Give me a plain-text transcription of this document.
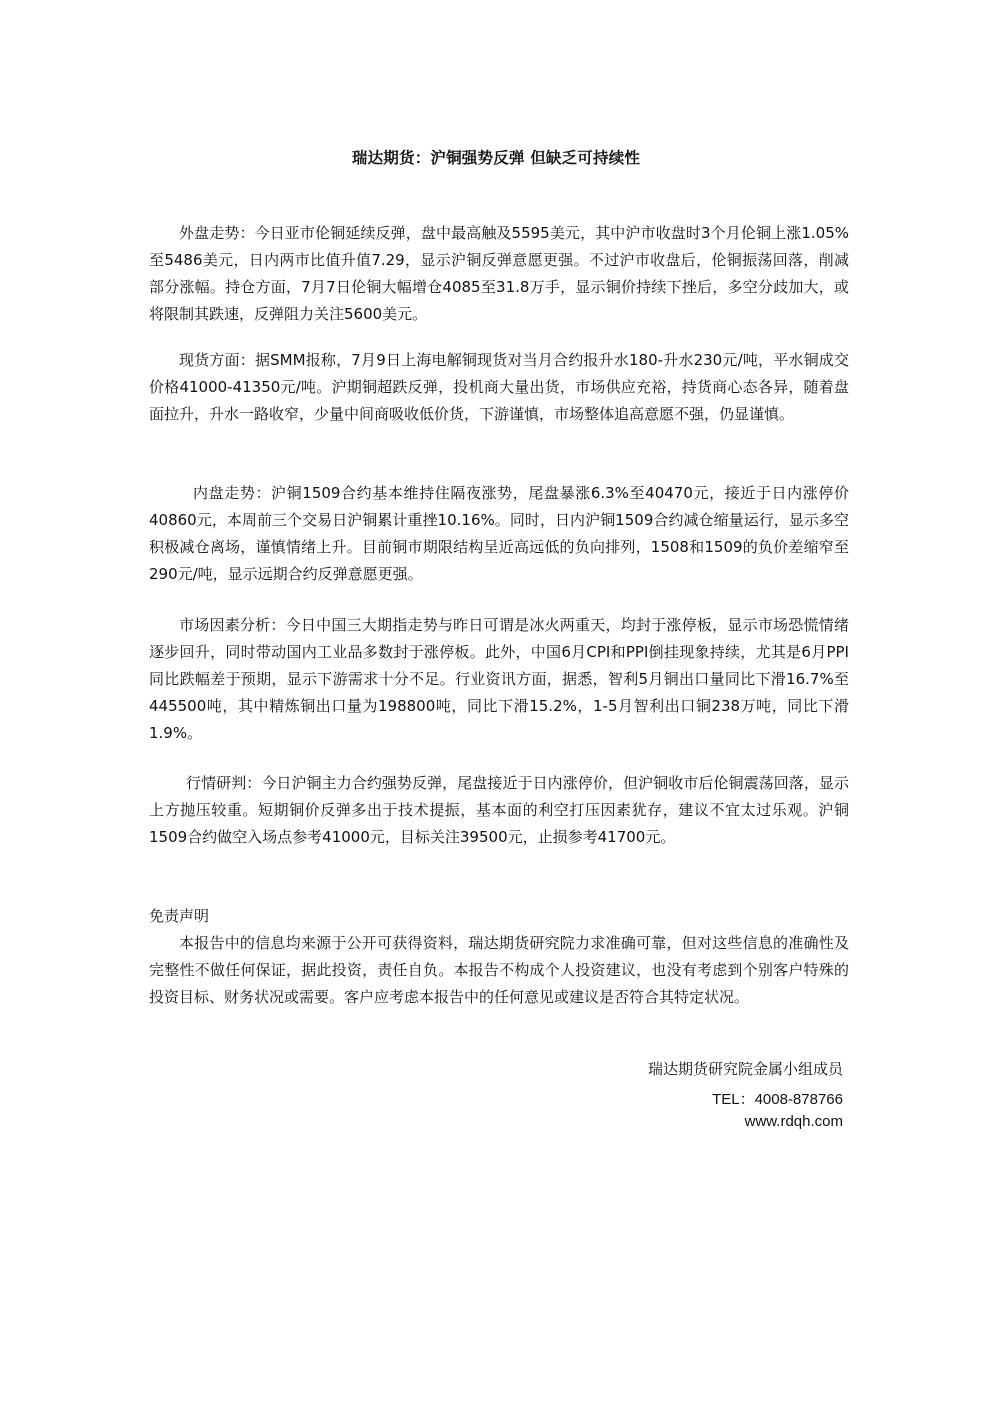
瑞达期货：沪铜强势反弹 但缺乏可持续性

外盘走势：今日亚市伦铜延续反弹，盘中最高触及5595美元，其中沪市收盘时3个月伦铜上涨1.05%至5486美元，日内两市比值升值7.29，显示沪铜反弹意愿更强。不过沪市收盘后，伦铜振荡回落，削减部分涨幅。持仓方面，7月7日伦铜大幅增仓4085至31.8万手，显示铜价持续下挫后，多空分歧加大，或将限制其跌速，反弹阻力关注5600美元。

现货方面：据SMM报称，7月9日上海电解铜现货对当月合约报升水180-升水230元/吨，平水铜成交价格41000-41350元/吨。沪期铜超跌反弹，投机商大量出货，市场供应充裕，持货商心态各异，随着盘面拉升，升水一路收窄，少量中间商吸收低价货，下游谨慎，市场整体追高意愿不强，仍显谨慎。

内盘走势：沪铜1509合约基本维持住隔夜涨势，尾盘暴涨6.3%至40470元，接近于日内涨停价40860元，本周前三个交易日沪铜累计重挫10.16%。同时，日内沪铜1509合约减仓缩量运行，显示多空积极减仓离场，谨慎情绪上升。目前铜市期限结构呈近高远低的负向排列，1508和1509的负价差缩窄至290元/吨，显示远期合约反弹意愿更强。

市场因素分析：今日中国三大期指走势与昨日可谓是冰火两重天，均封于涨停板，显示市场恐慌情绪逐步回升，同时带动国内工业品多数封于涨停板。此外，中国6月CPI和PPI倒挂现象持续，尤其是6月PPI同比跌幅差于预期，显示下游需求十分不足。行业资讯方面，据悉，智利5月铜出口量同比下滑16.7%至445500吨，其中精炼铜出口量为198800吨，同比下滑15.2%，1-5月智利出口铜238万吨，同比下滑1.9%。

行情研判：今日沪铜主力合约强势反弹，尾盘接近于日内涨停价，但沪铜收市后伦铜震荡回落，显示上方抛压较重。短期铜价反弹多出于技术提振，基本面的利空打压因素犹存，建议不宜太过乐观。沪铜1509合约做空入场点参考41000元，目标关注39500元，止损参考41700元。

免责声明

本报告中的信息均来源于公开可获得资料，瑞达期货研究院力求准确可靠，但对这些信息的准确性及完整性不做任何保证，据此投资，责任自负。本报告不构成个人投资建议，也没有考虑到个别客户特殊的投资目标、财务状况或需要。客户应考虑本报告中的任何意见或建议是否符合其特定状况。

瑞达期货研究院金属小组成员
TEL：4008-878766
www.rdqh.com
